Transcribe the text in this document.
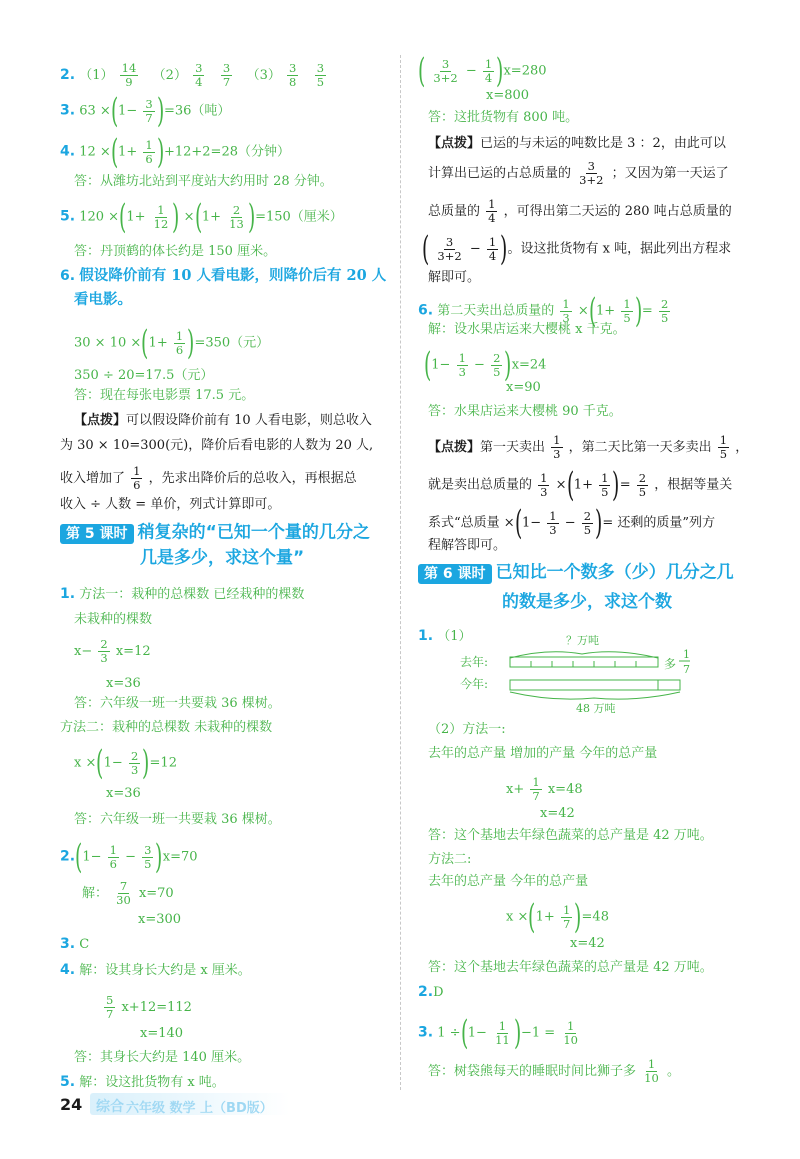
2. $(1) \frac{14}{9} (2) \frac{3}{4}$
$\frac{3}{7} (3) \frac{3}{8}$
$\frac{3}{5}$
3. $63 \times(1- \frac{3}{7} )=36$（吨）
4. $12 \times(1+ \frac{1}{6} )+12+2=28$（分钟）
答：从潍坊北站到平度站大约用时 28 分钟。
5. $120 \times(1+ \frac{1}{12}$ ) $\times(1+ \frac{2}{13} )=150$（厘米）
答：丹顶鹤的体长约是 150 厘米。
6. 假设降价前有 10 人看电影，则降价后有 20 人
看电影。
$30 \times 10 \times(1+ \frac{1}{6} )=350$（元）
350 ÷ 20=17.5（元）
答：现在每张电影票 17.5 元。
【点拨】可以假设降价前有 10 人看电影，则总收入
为 30 × 10=300(元)，降价后看电影的人数为 20 人,
收入增加了 $\frac{1}{6}$ ，先求出降价后的总收入，再根据总
收入 ÷ 人数 = 单价，列式计算即可。
第 5 课时 稍复杂的“已知一个量的几分之
几是多少，求这个量”
1. 方法一：栽种的总棵数 已经栽种的棵数
未栽种的棵数
$x- \frac{2}{3} x=12$
x=36
答：六年级一班一共要栽 36 棵树。
方法二：栽种的总棵数 未栽种的棵数
$x \times(1- \frac{2}{3} )=12$
x=36
答：六年级一班一共要栽 36 棵树。
$2.(1- \frac{1}{6} - \frac{3}{5} )x=70$
解： $\frac{7}{30} x=70$
x=300
3. C
4. 解：设其身长大约是 x 厘米。
$\frac{5}{7} x+12=112$
x=140
答：其身长大约是 140 厘米。
5. 解：设这批货物有 x 吨。
( $\frac{3}{3+2} - \frac{1}{4} )x=280$
x=800
答：这批货物有 800 吨。
【点拨】已运的与未运的吨数比是 3 ：2，由此可以
计算出已运的占总质量的 $\frac{3}{3+2}$ ；又因为第一天运了
总质量的 $\frac{1}{4}$ ，可得出第二天运的 280 吨占总质量的
( $\frac{3}{3+2} - \frac{1}{4}$ )。设这批货物有 x 吨，据此列出方程求
解即可。
6. 第二天卖出总质量的 $\frac{1}{3} \times(1+ \frac{1}{5}$ )= $\frac{2}{5}$
解：设水果店运来大樱桃 x 千克。
$(1- \frac{1}{3} - \frac{2}{5} )x=24$
x=90
答：水果店运来大樱桃 90 千克。
【点拨】第一天卖出 $\frac{1}{3}$ ，第二天比第一天多卖出 $\frac{1}{5}$ ，
就是卖出总质量的 $\frac{1}{3} \times(1+ \frac{1}{5}$ )= $\frac{2}{5}$ ，根据等量关
系式“总质量 $\times(1- \frac{1}{3} - \frac{2}{5}$ )= 还剩的质量”列方
程解答即可。
第 6 课时 已知比一个数多（少）几分之几
的数是多少，求这个数
1. （1）	？万吨
去年:	多
1
7
今年:
48 万吨
（2）方法一:
去年的总产量 增加的产量 今年的总产量
$x+ \frac{1}{7} x=48$
x=42
答：这个基地去年绿色蔬菜的总产量是 42 万吨。
方法二:
去年的总产量 今年的总产量
$x \times(1+ \frac{1}{7} )=48$
x=42
答：这个基地去年绿色蔬菜的总产量是 42 万吨。
2.D
3. $1 \div(1- \frac{1}{11} )-1 = \frac{1}{10}$
答：树袋熊每天的睡眠时间比狮子多 $\frac{1}{10}$ 。
24 综合 六年级 数学 上（BD版）
